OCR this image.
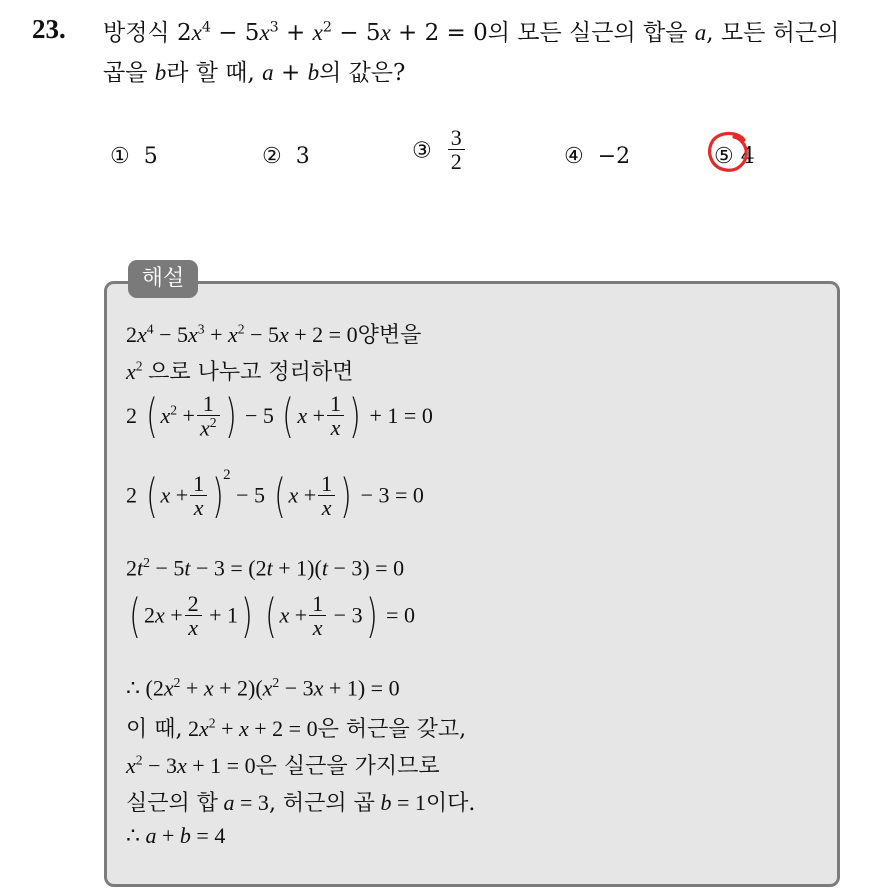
23. 방정식 $2x^4 - 5x^3 + x^2 - 5x + 2 = 0$의 모든 실근의 합을 a, 모든 허근의
곱을 b라 할 때, a + b의 값은?
① 5	② 3	③ $\frac{3}{2}$	④ −2	⑤ 4
해설
$2x^4 - 5x^3 + x^2 - 5x + 2 = 0$양변을
$x^2$ 으로 나누고 정리하면
2 ( $x^2 + \frac{1}{x^2}$ ) − 5 ( $x + \frac{1}{x}$ ) + 1 = 0
2 ( $x + \frac{1}{x} )^2 - 5$ ( $x + \frac{1}{x}$ ) − 3 = 0
$2t^2 - 5t - 3 = (2t + 1)(t - 3) = 0$
( $2x + \frac{2}{x} + 1$) ( $x + \frac{1}{x} - 3) = 0$
∴ $(2x^2 + x + 2)(x^2 - 3x + 1) = 0$
이 때, $2x^2 + x + 2 = 0$은 허근을 갖고,
$x^2 - 3x + 1 = 0$은 실근을 가지므로
실근의 합 a = 3, 허근의 곱 b = 1이다.
∴ a + b = 4
